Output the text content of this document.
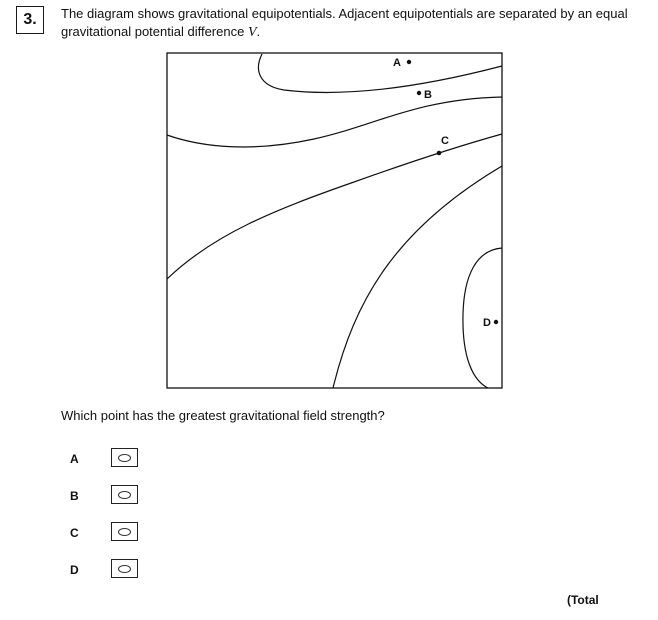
3.	The diagram shows gravitational equipotentials. Adjacent equipotentials are separated by an equal gravitational potential difference V.
A
B
C
D
Which point has the greatest gravitational field strength?
A
B
C
D
(Total
